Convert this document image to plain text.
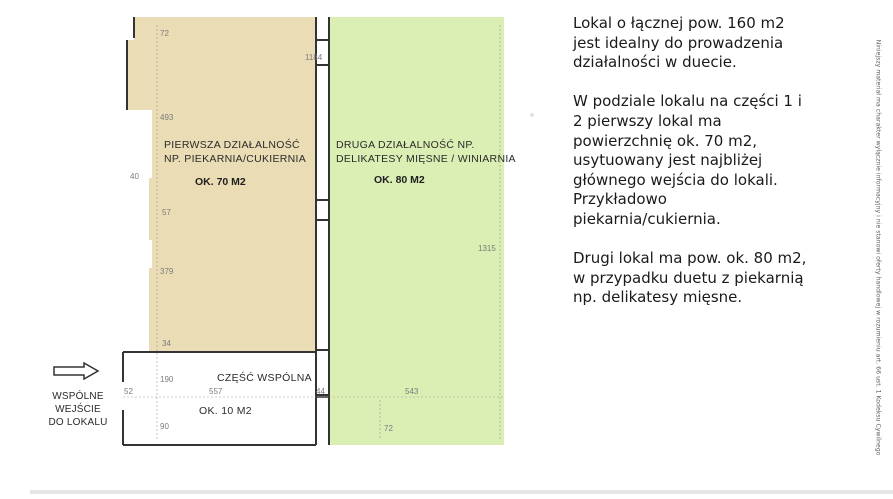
PIERWSZA DZIAŁALNOŚĆ
NP. PIEKARNIA/CUKIERNIA
OK. 70 M2
DRUGA DZIAŁALNOŚĆ NP.
DELIKATESY MIĘSNE / WINIARNIA
OK. 80 M2
CZĘŚĆ WSPÓLNA
OK. 10 M2
72
1184
493
40
57
379
34
190
557
52	44	543
90	72
1315
WSPÓLNE
WEJŚCIE
DO LOKALU

Lokal o łącznej pow. 160 m2
jest idealny do prowadzenia
działalności w duecie.

W podziale lokalu na części 1 i
2 pierwszy lokal ma
powierzchnię ok. 70 m2,
usytuowany jest najbliżej
głównego wejścia do lokali.
Przykładowo
piekarnia/cukiernia.

Drugi lokal ma pow. ok. 80 m2,
w przypadku duetu z piekarnią
np. delikatesy mięsne.	Niniejszy materiał ma charakter wyłącznie informacyjny i nie stanowi oferty handlowej w rozumieniu art. 66 ust. 1 Kodeksu Cywilnego
